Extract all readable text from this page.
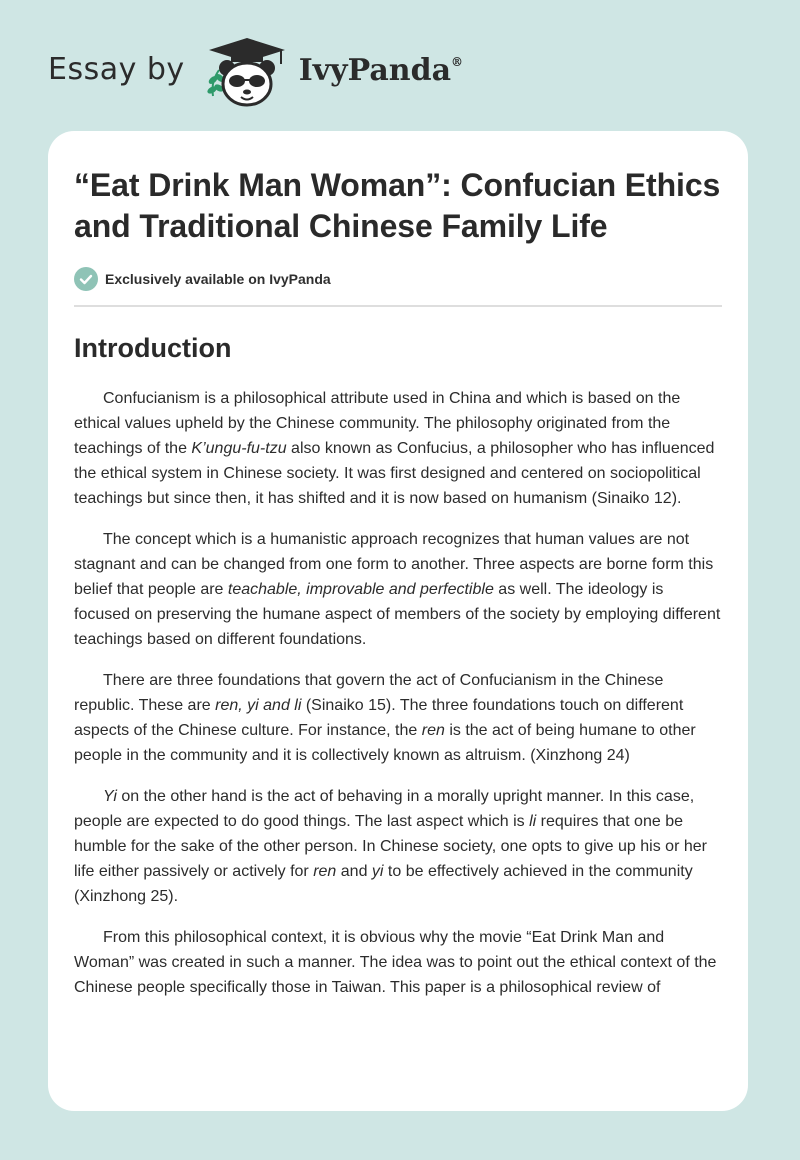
Essay by	IvyPanda®
“Eat Drink Man Woman”: Confucian Ethics and Traditional Chinese Family Life
Exclusively available on IvyPanda
Introduction

Confucianism is a philosophical attribute used in China and which is based on the ethical values upheld by the Chinese community. The philosophy originated from the teachings of the K’ungu-fu-tzu also known as Confucius, a philosopher who has influenced the ethical system in Chinese society. It was first designed and centered on sociopolitical teachings but since then, it has shifted and it is now based on humanism (Sinaiko 12).

The concept which is a humanistic approach recognizes that human values are not stagnant and can be changed from one form to another. Three aspects are borne form this belief that people are teachable, improvable and perfectible as well. The ideology is focused on preserving the humane aspect of members of the society by employing different teachings based on different foundations.

There are three foundations that govern the act of Confucianism in the Chinese republic. These are ren, yi and li (Sinaiko 15). The three foundations touch on different aspects of the Chinese culture. For instance, the ren is the act of being humane to other people in the community and it is collectively known as altruism. (Xinzhong 24)

Yi on the other hand is the act of behaving in a morally upright manner. In this case, people are expected to do good things. The last aspect which is li requires that one be humble for the sake of the other person. In Chinese society, one opts to give up his or her life either passively or actively for ren and yi to be effectively achieved in the community (Xinzhong 25).

From this philosophical context, it is obvious why the movie “Eat Drink Man and Woman” was created in such a manner. The idea was to point out the ethical context of the Chinese people specifically those in Taiwan. This paper is a philosophical review of
